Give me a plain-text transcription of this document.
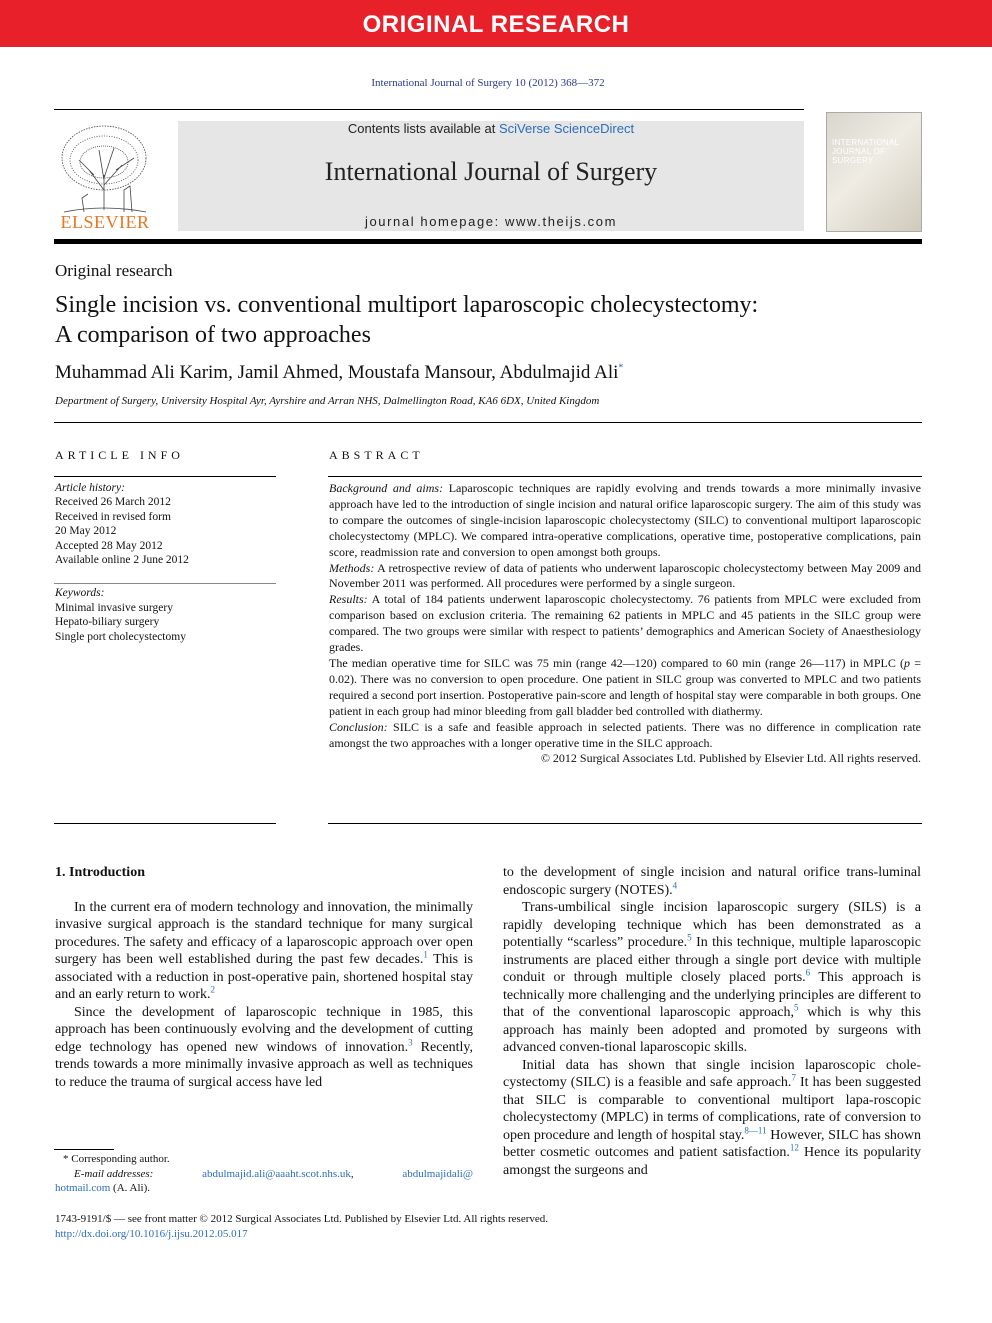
ORIGINAL RESEARCH
International Journal of Surgery 10 (2012) 368—372
ELSEVIER
Contents lists available at SciVerse ScienceDirect
International Journal of Surgery
journal homepage: www.theijs.com
INTERNATIONAL JOURNAL OF SURGERY
Original research
Single incision vs. conventional multiport laparoscopic cholecystectomy:
A comparison of two approaches
Muhammad Ali Karim, Jamil Ahmed, Moustafa Mansour, Abdulmajid Ali*
Department of Surgery, University Hospital Ayr, Ayrshire and Arran NHS, Dalmellington Road, KA6 6DX, United Kingdom
ARTICLE INFO	ABSTRACT
Article history:
Received 26 March 2012
Received in revised form
20 May 2012
Accepted 28 May 2012
Available online 2 June 2012
Keywords:
Minimal invasive surgery
Hepato-biliary surgery
Single port cholecystectomy

Background and aims: Laparoscopic techniques are rapidly evolving and trends towards a more minimally invasive approach have led to the introduction of single incision and natural orifice laparoscopic surgery. The aim of this study was to compare the outcomes of single-incision laparoscopic cholecystectomy (SILC) to conventional multiport laparoscopic cholecystectomy (MPLC). We compared intra-operative complications, operative time, postoperative complications, pain score, readmission rate and conversion to open amongst both groups.

Methods: A retrospective review of data of patients who underwent laparoscopic cholecystectomy between May 2009 and November 2011 was performed. All procedures were performed by a single surgeon.

Results: A total of 184 patients underwent laparoscopic cholecystectomy. 76 patients from MPLC were excluded from comparison based on exclusion criteria. The remaining 62 patients in MPLC and 45 patients in the SILC group were compared. The two groups were similar with respect to patients’ demographics and American Society of Anaesthesiology grades.

The median operative time for SILC was 75 min (range 42—120) compared to 60 min (range 26—117) in MPLC (p = 0.02). There was no conversion to open procedure. One patient in SILC group was converted to MPLC and two patients required a second port insertion. Postoperative pain-score and length of hospital stay were comparable in both groups. One patient in each group had minor bleeding from gall bladder bed controlled with diathermy.

Conclusion: SILC is a safe and feasible approach in selected patients. There was no difference in complication rate amongst the two approaches with a longer operative time in the SILC approach.

© 2012 Surgical Associates Ltd. Published by Elsevier Ltd. All rights reserved.

1. Introduction

In the current era of modern technology and innovation, the minimally invasive surgical approach is the standard technique for many surgical procedures. The safety and efficacy of a laparoscopic approach over open surgery has been well established during the past few decades.$^1$ This is associated with a reduction in post-operative pain, shortened hospital stay and an early return to work.$^2$

Since the development of laparoscopic technique in 1985, this approach has been continuously evolving and the development of cutting edge technology has opened new windows of innovation.$^3$ Recently, trends towards a more minimally invasive approach as well as techniques to reduce the trauma of surgical access have led

to the development of single incision and natural orifice trans-luminal endoscopic surgery (NOTES).$^4$

Trans-umbilical single incision laparoscopic surgery (SILS) is a rapidly developing technique which has been demonstrated as a potentially “scarless” procedure.$^5$ In this technique, multiple laparoscopic instruments are placed either through a single port device with multiple conduit or through multiple closely placed ports.$^6$ This approach is technically more challenging and the underlying principles are different to that of the conventional laparoscopic approach,$^5$ which is why this approach has mainly been adopted and promoted by surgeons with advanced conven-tional laparoscopic skills.

Initial data has shown that single incision laparoscopic chole-cystectomy (SILC) is a feasible and safe approach.$^7$ It has been suggested that SILC is comparable to conventional multiport lapa-roscopic cholecystectomy (MPLC) in terms of complications, rate of conversion to open procedure and length of hospital stay.$^{8—11}$ However, SILC has shown better cosmetic outcomes and patient satisfaction.$^{12}$ Hence its popularity amongst the surgeons and

* Corresponding author.
E-mail addresses:	abdulmajid.ali@aaaht.scot.nhs.uk,	abdulmajidali@
hotmail.com (A. Ali).
1743-9191/$ — see front matter © 2012 Surgical Associates Ltd. Published by Elsevier Ltd. All rights reserved.
http://dx.doi.org/10.1016/j.ijsu.2012.05.017
